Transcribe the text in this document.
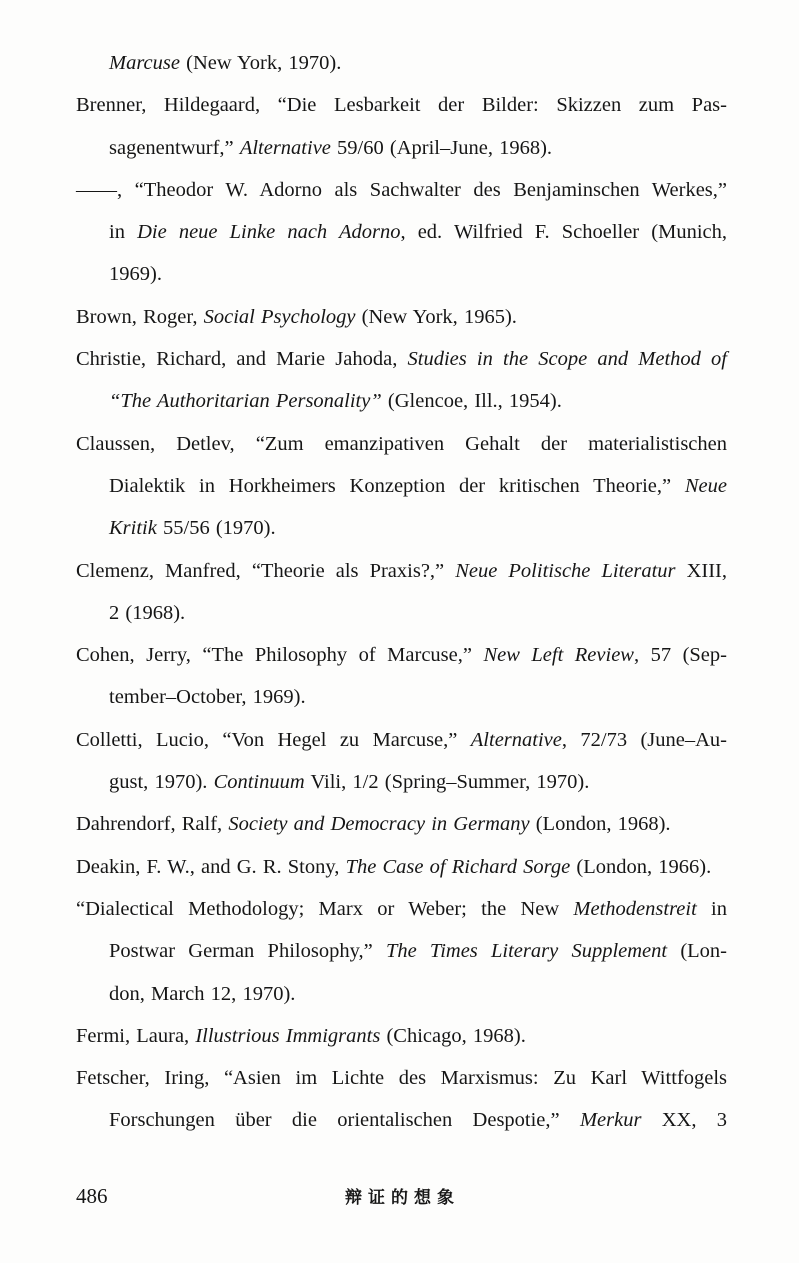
Marcuse (New York, 1970).
Brenner, Hildegaard, “Die Lesbarkeit der Bilder: Skizzen zum Pas-
sagenentwurf,” Alternative 59/60 (April–June, 1968).
——, “Theodor W. Adorno als Sachwalter des Benjaminschen Werkes,”
in Die neue Linke nach Adorno, ed. Wilfried F. Schoeller (Munich,
1969).
Brown, Roger, Social Psychology (New York, 1965).
Christie, Richard, and Marie Jahoda, Studies in the Scope and Method of
“The Authoritarian Personality” (Glencoe, Ill., 1954).
Claussen, Detlev, “Zum emanzipativen Gehalt der materialistischen
Dialektik in Horkheimers Konzeption der kritischen Theorie,” Neue
Kritik 55/56 (1970).
Clemenz, Manfred, “Theorie als Praxis?,” Neue Politische Literatur XIII,
2 (1968).
Cohen, Jerry, “The Philosophy of Marcuse,” New Left Review, 57 (Sep-
tember–October, 1969).
Colletti, Lucio, “Von Hegel zu Marcuse,” Alternative, 72/73 (June–Au-
gust, 1970). Continuum Vili, 1/2 (Spring–Summer, 1970).
Dahrendorf, Ralf, Society and Democracy in Germany (London, 1968).
Deakin, F. W., and G. R. Stony, The Case of Richard Sorge (London, 1966).
“Dialectical Methodology; Marx or Weber; the New Methodenstreit in
Postwar German Philosophy,” The Times Literary Supplement (Lon-
don, March 12, 1970).
Fermi, Laura, Illustrious Immigrants (Chicago, 1968).
Fetscher, Iring, “Asien im Lichte des Marxismus: Zu Karl Wittfogels
Forschungen über die orientalischen Despotie,” Merkur XX, 3
486	辩证的想象
